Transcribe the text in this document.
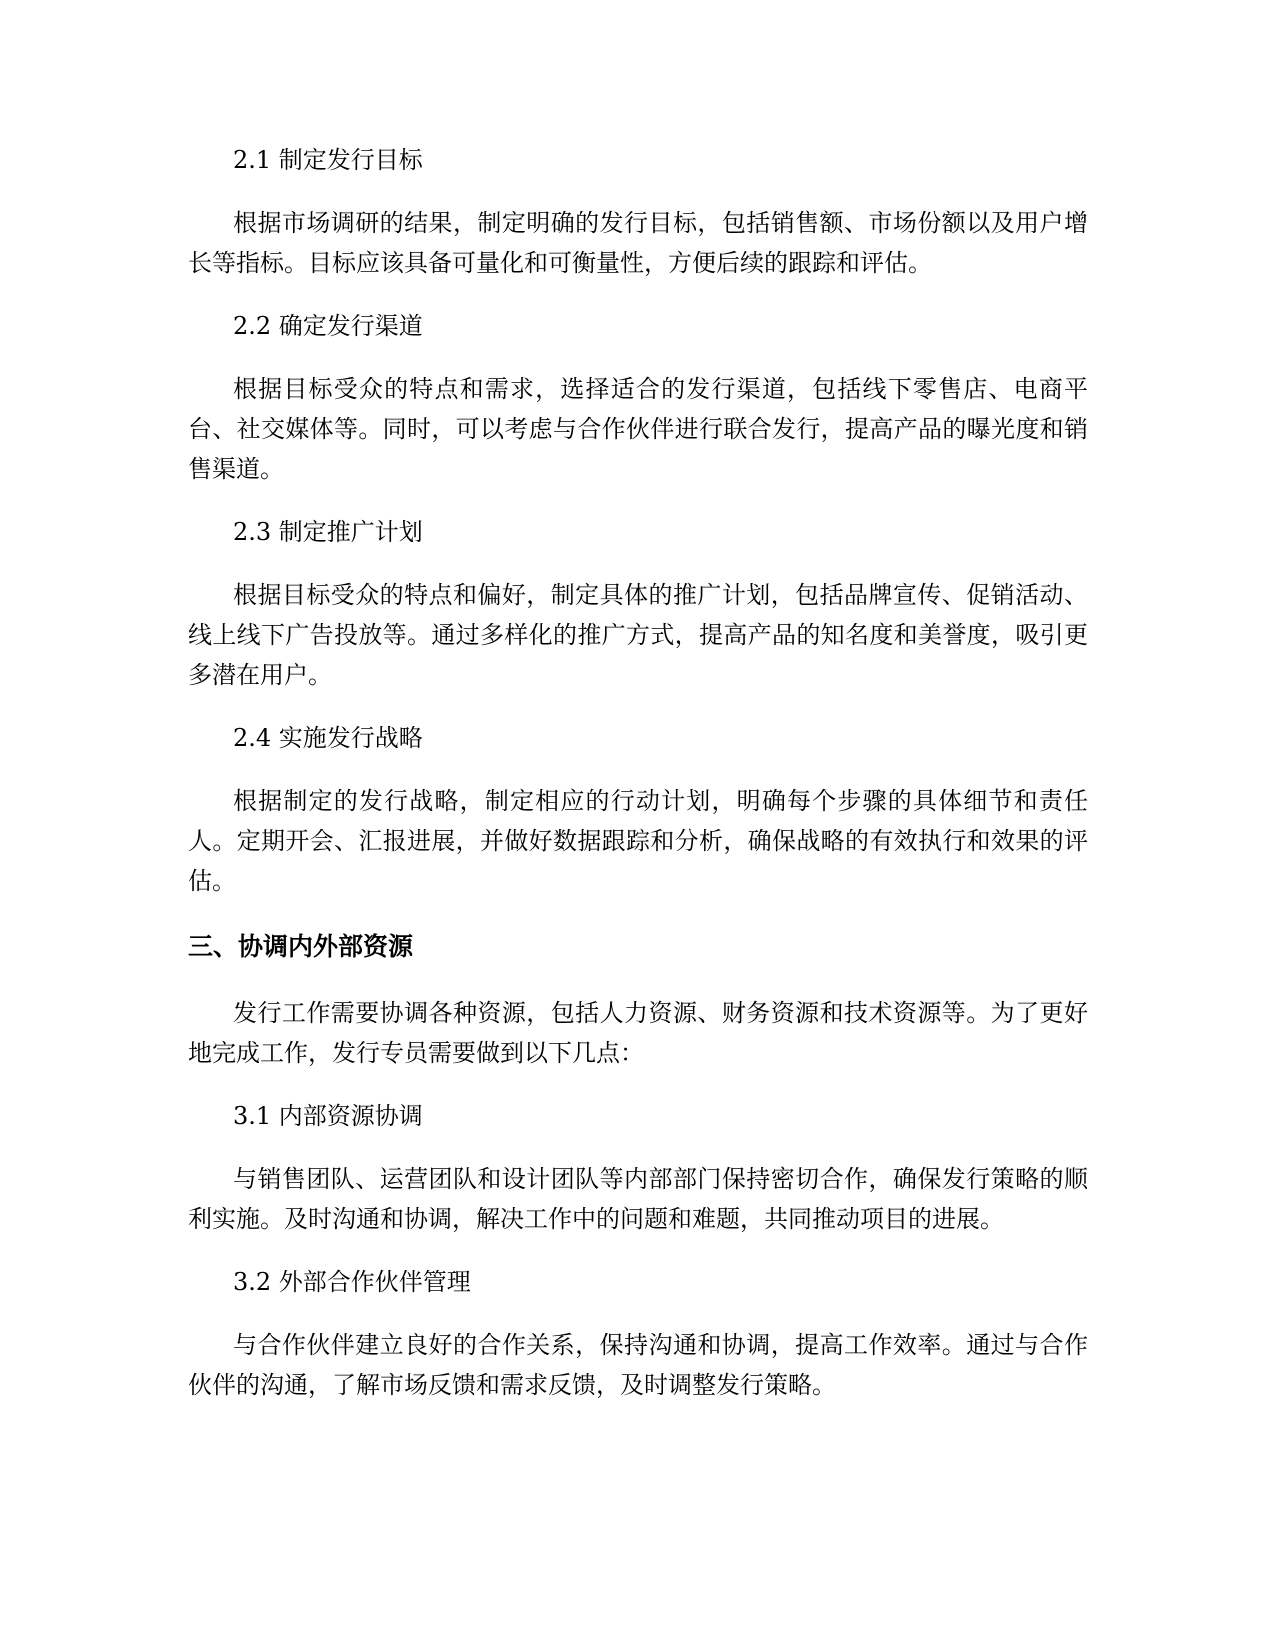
2.1 制定发行目标

根据市场调研的结果，制定明确的发行目标，包括销售额、市场份额以及用户增长等指标。目标应该具备可量化和可衡量性，方便后续的跟踪和评估。

2.2 确定发行渠道

根据目标受众的特点和需求，选择适合的发行渠道，包括线下零售店、电商平台、社交媒体等。同时，可以考虑与合作伙伴进行联合发行，提高产品的曝光度和销售渠道。

2.3 制定推广计划

根据目标受众的特点和偏好，制定具体的推广计划，包括品牌宣传、促销活动、线上线下广告投放等。通过多样化的推广方式，提高产品的知名度和美誉度，吸引更多潜在用户。

2.4 实施发行战略

根据制定的发行战略，制定相应的行动计划，明确每个步骤的具体细节和责任人。定期开会、汇报进展，并做好数据跟踪和分析，确保战略的有效执行和效果的评估。

三、协调内外部资源

发行工作需要协调各种资源，包括人力资源、财务资源和技术资源等。为了更好地完成工作，发行专员需要做到以下几点：

3.1 内部资源协调

与销售团队、运营团队和设计团队等内部部门保持密切合作，确保发行策略的顺利实施。及时沟通和协调，解决工作中的问题和难题，共同推动项目的进展。

3.2 外部合作伙伴管理

与合作伙伴建立良好的合作关系，保持沟通和协调，提高工作效率。通过与合作伙伴的沟通，了解市场反馈和需求反馈，及时调整发行策略。
